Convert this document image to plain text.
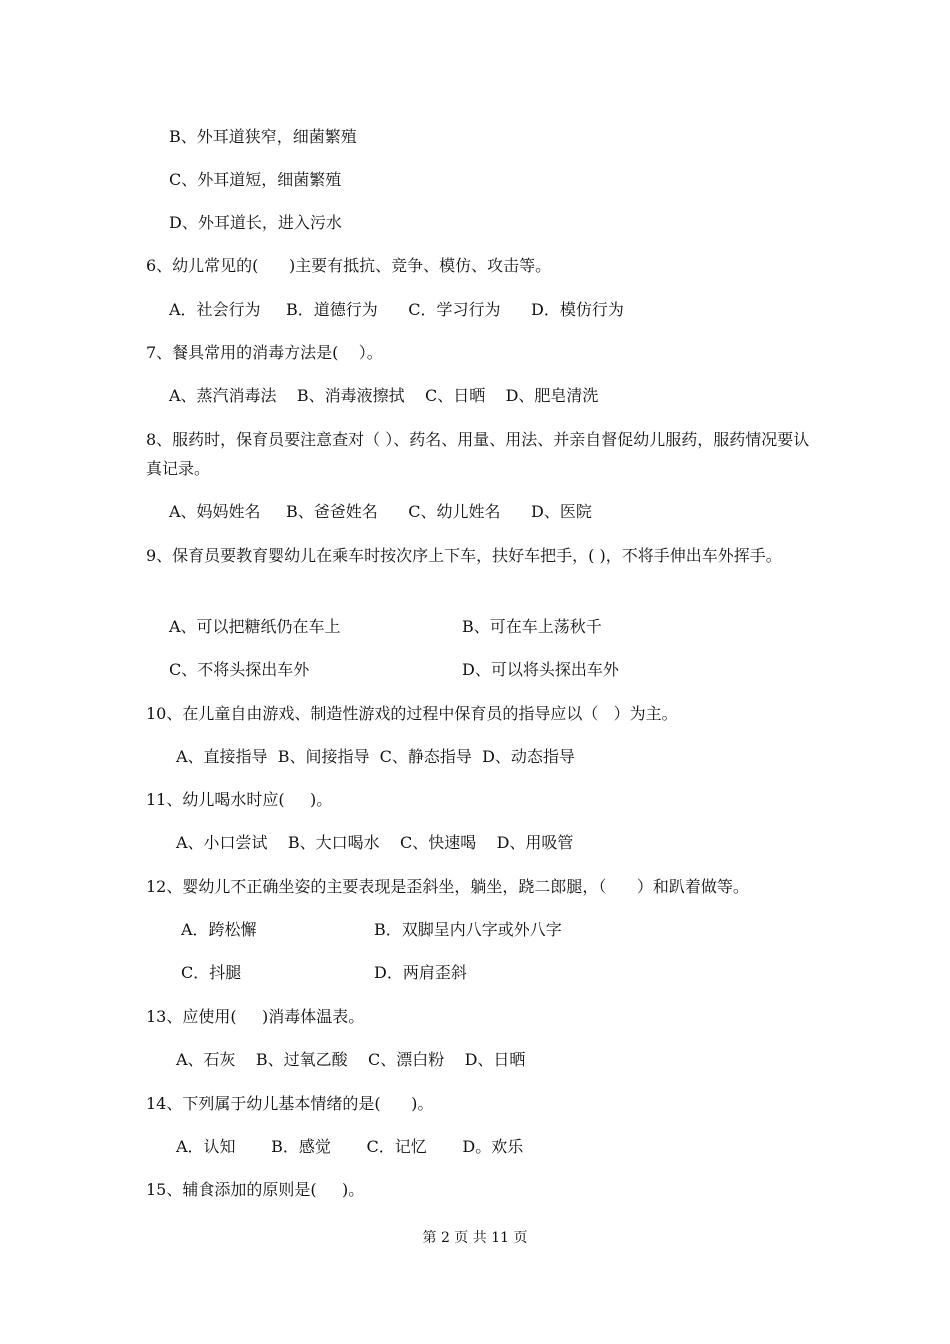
B、外耳道狭窄，细菌繁殖
C、外耳道短，细菌繁殖
D、外耳道长，进入污水
6、幼儿常见的(      )主要有抵抗、竞争、模仿、攻击等。
A．社会行为     B．道德行为      C．学习行为      D．模仿行为
7、餐具常用的消毒方法是(    ）。
A、蒸汽消毒法    B、消毒液擦拭    C、日晒    D、肥皂清洗
8、服药时，保育员要注意查对（ ）、药名、用量、用法、并亲自督促幼儿服药，服药情况要认真记录。
A、妈妈姓名     B、爸爸姓名      C、幼儿姓名      D、医院
9、保育员要教育婴幼儿在乘车时按次序上下车，扶好车把手，( )，不将手伸出车外挥手。
A、可以把糖纸仍在车上	B、可在车上荡秋千
C、不将头探出车外	D、可以将头探出车外
10、在儿童自由游戏、制造性游戏的过程中保育员的指导应以（   ）为主。
A、直接指导  B、间接指导  C、静态指导  D、动态指导
11、幼儿喝水时应(     )。
A、小口尝试    B、大口喝水    C、快速喝    D、用吸管
12、婴幼儿不正确坐姿的主要表现是歪斜坐，躺坐，跷二郎腿，（      ）和趴着做等。
A．跨松懈	B．双脚呈内八字或外八字
C．抖腿	D．两肩歪斜
13、应使用(     )消毒体温表。
A、石灰    B、过氧乙酸    C、漂白粉    D、日晒
14、下列属于幼儿基本情绪的是(      )。
A．认知       B．感觉       C．记忆       D。欢乐
15、辅食添加的原则是(     )。
第 2 页 共 11 页
